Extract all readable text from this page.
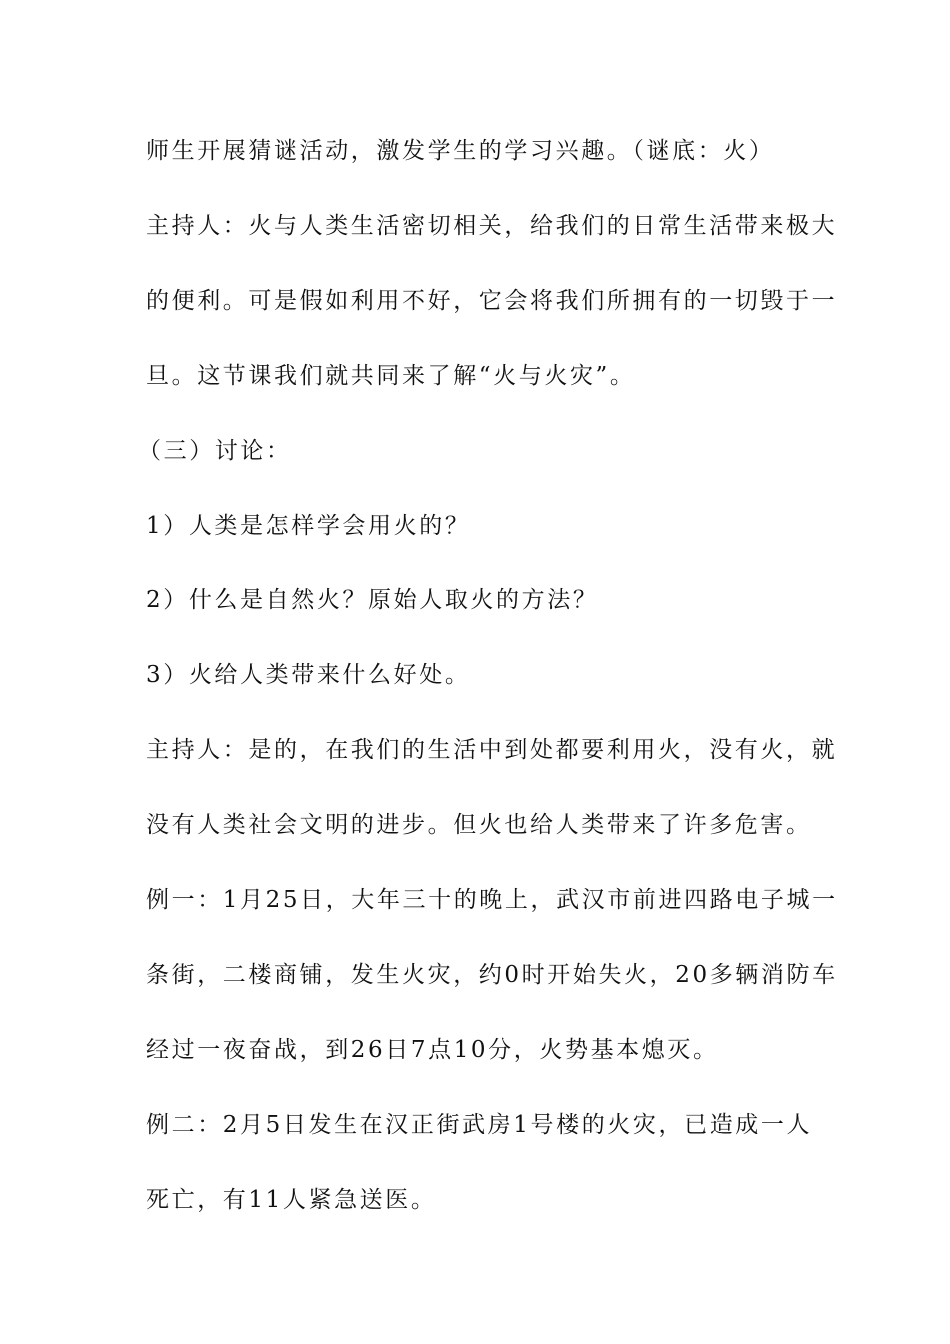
师生开展猜谜活动，激发学生的学习兴趣。（谜底：火）
主持人：火与人类生活密切相关，给我们的日常生活带来极大
的便利。可是假如利用不好，它会将我们所拥有的一切毁于一
旦。这节课我们就共同来了解“火与火灾”。
（三）讨论：
1）人类是怎样学会用火的？
2）什么是自然火？原始人取火的方法？
3）火给人类带来什么好处。
主持人：是的，在我们的生活中到处都要利用火，没有火，就
没有人类社会文明的进步。但火也给人类带来了许多危害。
例一：1月25日，大年三十的晚上，武汉市前进四路电子城一
条街，二楼商铺，发生火灾，约0时开始失火，20多辆消防车
经过一夜奋战，到26日7点10分，火势基本熄灭。
例二：2月5日发生在汉正街武房1号楼的火灾，已造成一人
死亡，有11人紧急送医。
